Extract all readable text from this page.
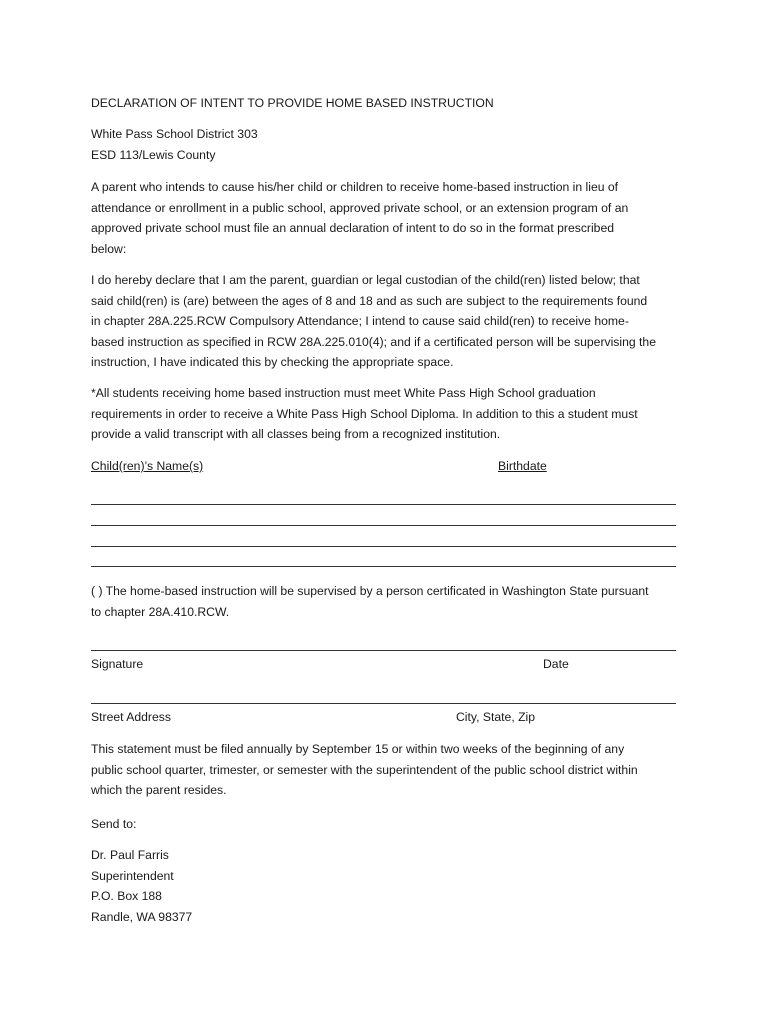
DECLARATION OF INTENT TO PROVIDE HOME BASED INSTRUCTION

White Pass School District 303
ESD 113/Lewis County

A parent who intends to cause his/her child or children to receive home-based instruction in lieu of
attendance or enrollment in a public school, approved private school, or an extension program of an
approved private school must file an annual declaration of intent to do so in the format prescribed
below:

I do hereby declare that I am the parent, guardian or legal custodian of the child(ren) listed below; that
said child(ren) is (are) between the ages of 8 and 18 and as such are subject to the requirements found
in chapter 28A.225.RCW Compulsory Attendance; I intend to cause said child(ren) to receive home-
based instruction as specified in RCW 28A.225.010(4); and if a certificated person will be supervising the
instruction, I have indicated this by checking the appropriate space.

*All students receiving home based instruction must meet White Pass High School graduation
requirements in order to receive a White Pass High School Diploma. In addition to this a student must
provide a valid transcript with all classes being from a recognized institution.

Child(ren)’s Name(s)	Birthdate

( ) The home-based instruction will be supervised by a person certificated in Washington State pursuant
to chapter 28A.410.RCW.

Signature	Date
Street Address	City, State, Zip

This statement must be filed annually by September 15 or within two weeks of the beginning of any
public school quarter, trimester, or semester with the superintendent of the public school district within
which the parent resides.

Send to:

Dr. Paul Farris
Superintendent
P.O. Box 188
Randle, WA 98377
